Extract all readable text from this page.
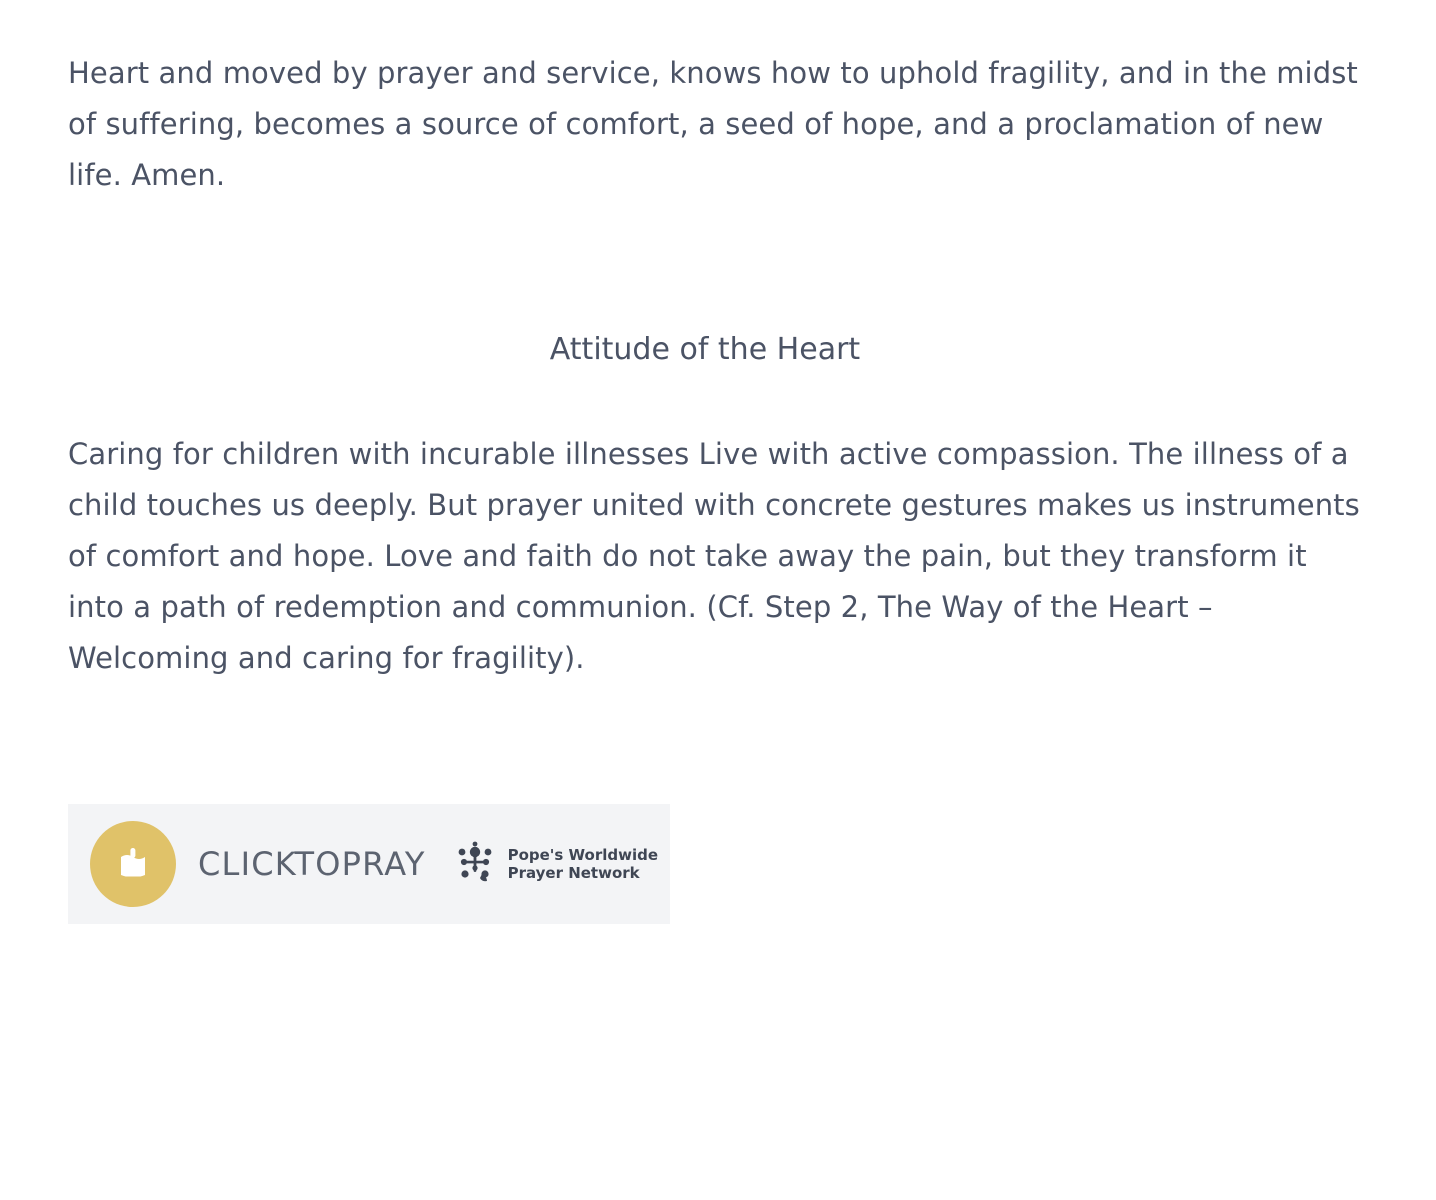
Heart and moved by prayer and service, knows how to uphold fragility, and in the midst of suffering, becomes a source of comfort, a seed of hope, and a proclamation of new life. Amen.

Attitude of the Heart

Caring for children with incurable illnesses Live with active compassion. The illness of a child touches us deeply. But prayer united with concrete gestures makes us instruments of comfort and hope. Love and faith do not take away the pain, but they transform it into a path of redemption and communion. (Cf. Step 2, The Way of the Heart – Welcoming and caring for fragility).

CLICKTOPRAY	Pope's Worldwide
Prayer Network
